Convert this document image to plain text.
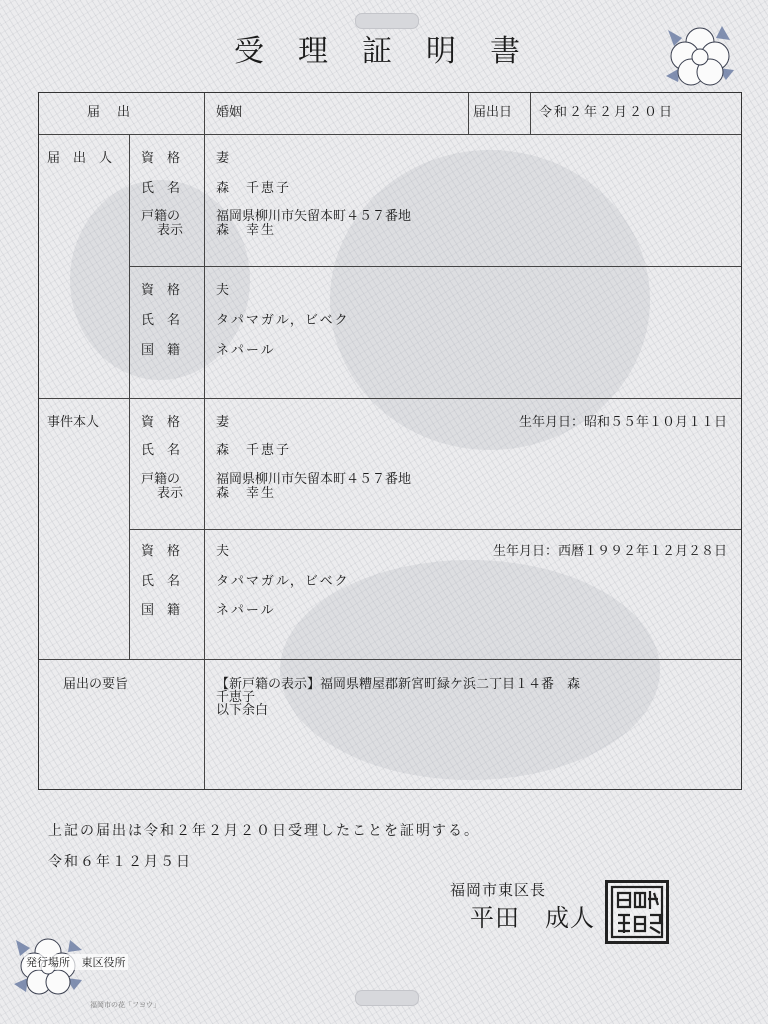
受理証明書
届　出	婚姻	届出日 令和２年２月２０日
届　出　人 資　格	妻
氏　名	森　千恵子
戸籍の
表示
福岡県柳川市矢留本町４５７番地
森　幸生
資　格	夫
氏　名	タパマガル，ビベク
国　籍	ネパール
事件本人	資　格	妻	生年月日：昭和５５年１０月１１日
氏　名	森　千恵子
戸籍の
表示
福岡県柳川市矢留本町４５７番地
森　幸生
資　格	夫	生年月日：西暦１９９２年１２月２８日
氏　名	タパマガル，ビベク
国　籍	ネパール
届出の要旨	【新戸籍の表示】福岡県糟屋郡新宮町緑ケ浜二丁目１４番　森
千恵子
以下余白
上記の届出は令和２年２月２０日受理したことを証明する。
令和６年１２月５日
福岡市東区長
平田　成人
発行場所 東区役所
福岡市の花「フヨウ」
